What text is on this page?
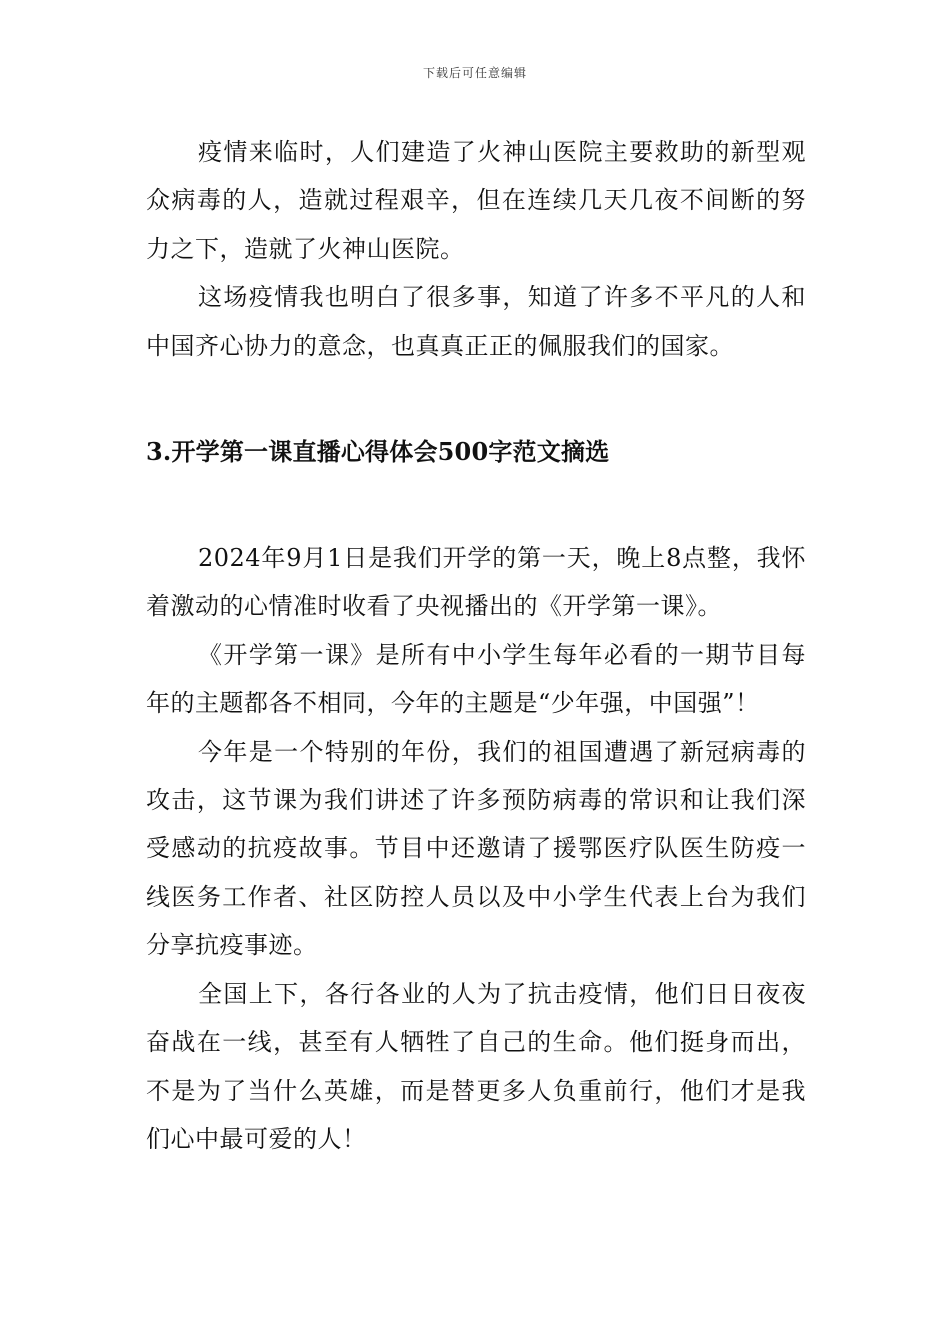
下载后可任意编辑

疫情来临时，人们建造了火神山医院主要救助的新型观众病毒的人，造就过程艰辛，但在连续几天几夜不间断的努力之下，造就了火神山医院。

这场疫情我也明白了很多事，知道了许多不平凡的人和中国齐心协力的意念，也真真正正的佩服我们的国家。

3.开学第一课直播心得体会500字范文摘选

2024年9月1日是我们开学的第一天，晚上8点整，我怀着激动的心情准时收看了央视播出的《开学第一课》。

《开学第一课》是所有中小学生每年必看的一期节目每年的主题都各不相同，今年的主题是“少年强，中国强”！

今年是一个特别的年份，我们的祖国遭遇了新冠病毒的攻击，这节课为我们讲述了许多预防病毒的常识和让我们深受感动的抗疫故事。节目中还邀请了援鄂医疗队医生防疫一线医务工作者、社区防控人员以及中小学生代表上台为我们分享抗疫事迹。

全国上下，各行各业的人为了抗击疫情，他们日日夜夜奋战在一线，甚至有人牺牲了自己的生命。他们挺身而出，不是为了当什么英雄，而是替更多人负重前行，他们才是我们心中最可爱的人！
